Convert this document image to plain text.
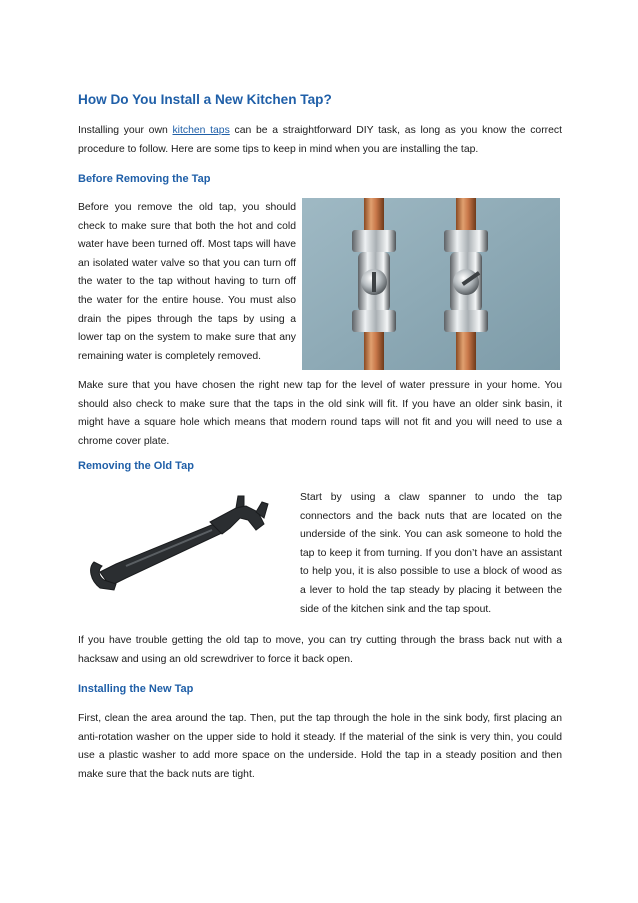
How Do You Install a New Kitchen Tap?

Installing your own kitchen taps can be a straightforward DIY task, as long as you know the correct procedure to follow. Here are some tips to keep in mind when you are installing the tap.

Before Removing the Tap

Before you remove the old tap, you should check to make sure that both the hot and cold water have been turned off. Most taps will have an isolated water valve so that you can turn off the water to the tap without having to turn off the water for the entire house. You must also drain the pipes through the taps by using a lower tap on the system to make sure that any remaining water is completely removed.

Make sure that you have chosen the right new tap for the level of water pressure in your home. You should also check to make sure that the taps in the old sink will fit. If you have an older sink basin, it might have a square hole which means that modern round taps will not fit and you will need to use a chrome cover plate.

Removing the Old Tap

Start by using a claw spanner to undo the tap connectors and the back nuts that are located on the underside of the sink. You can ask someone to hold the tap to keep it from turning. If you don’t have an assistant to help you, it is also possible to use a block of wood as a lever to hold the tap steady by placing it between the side of the kitchen sink and the tap spout.

If you have trouble getting the old tap to move, you can try cutting through the brass back nut with a hacksaw and using an old screwdriver to force it back open.

Installing the New Tap

First, clean the area around the tap. Then, put the tap through the hole in the sink body, first placing an anti-rotation washer on the upper side to hold it steady. If the material of the sink is very thin, you could use a plastic washer to add more space on the underside. Hold the tap in a steady position and then make sure that the back nuts are tight.
